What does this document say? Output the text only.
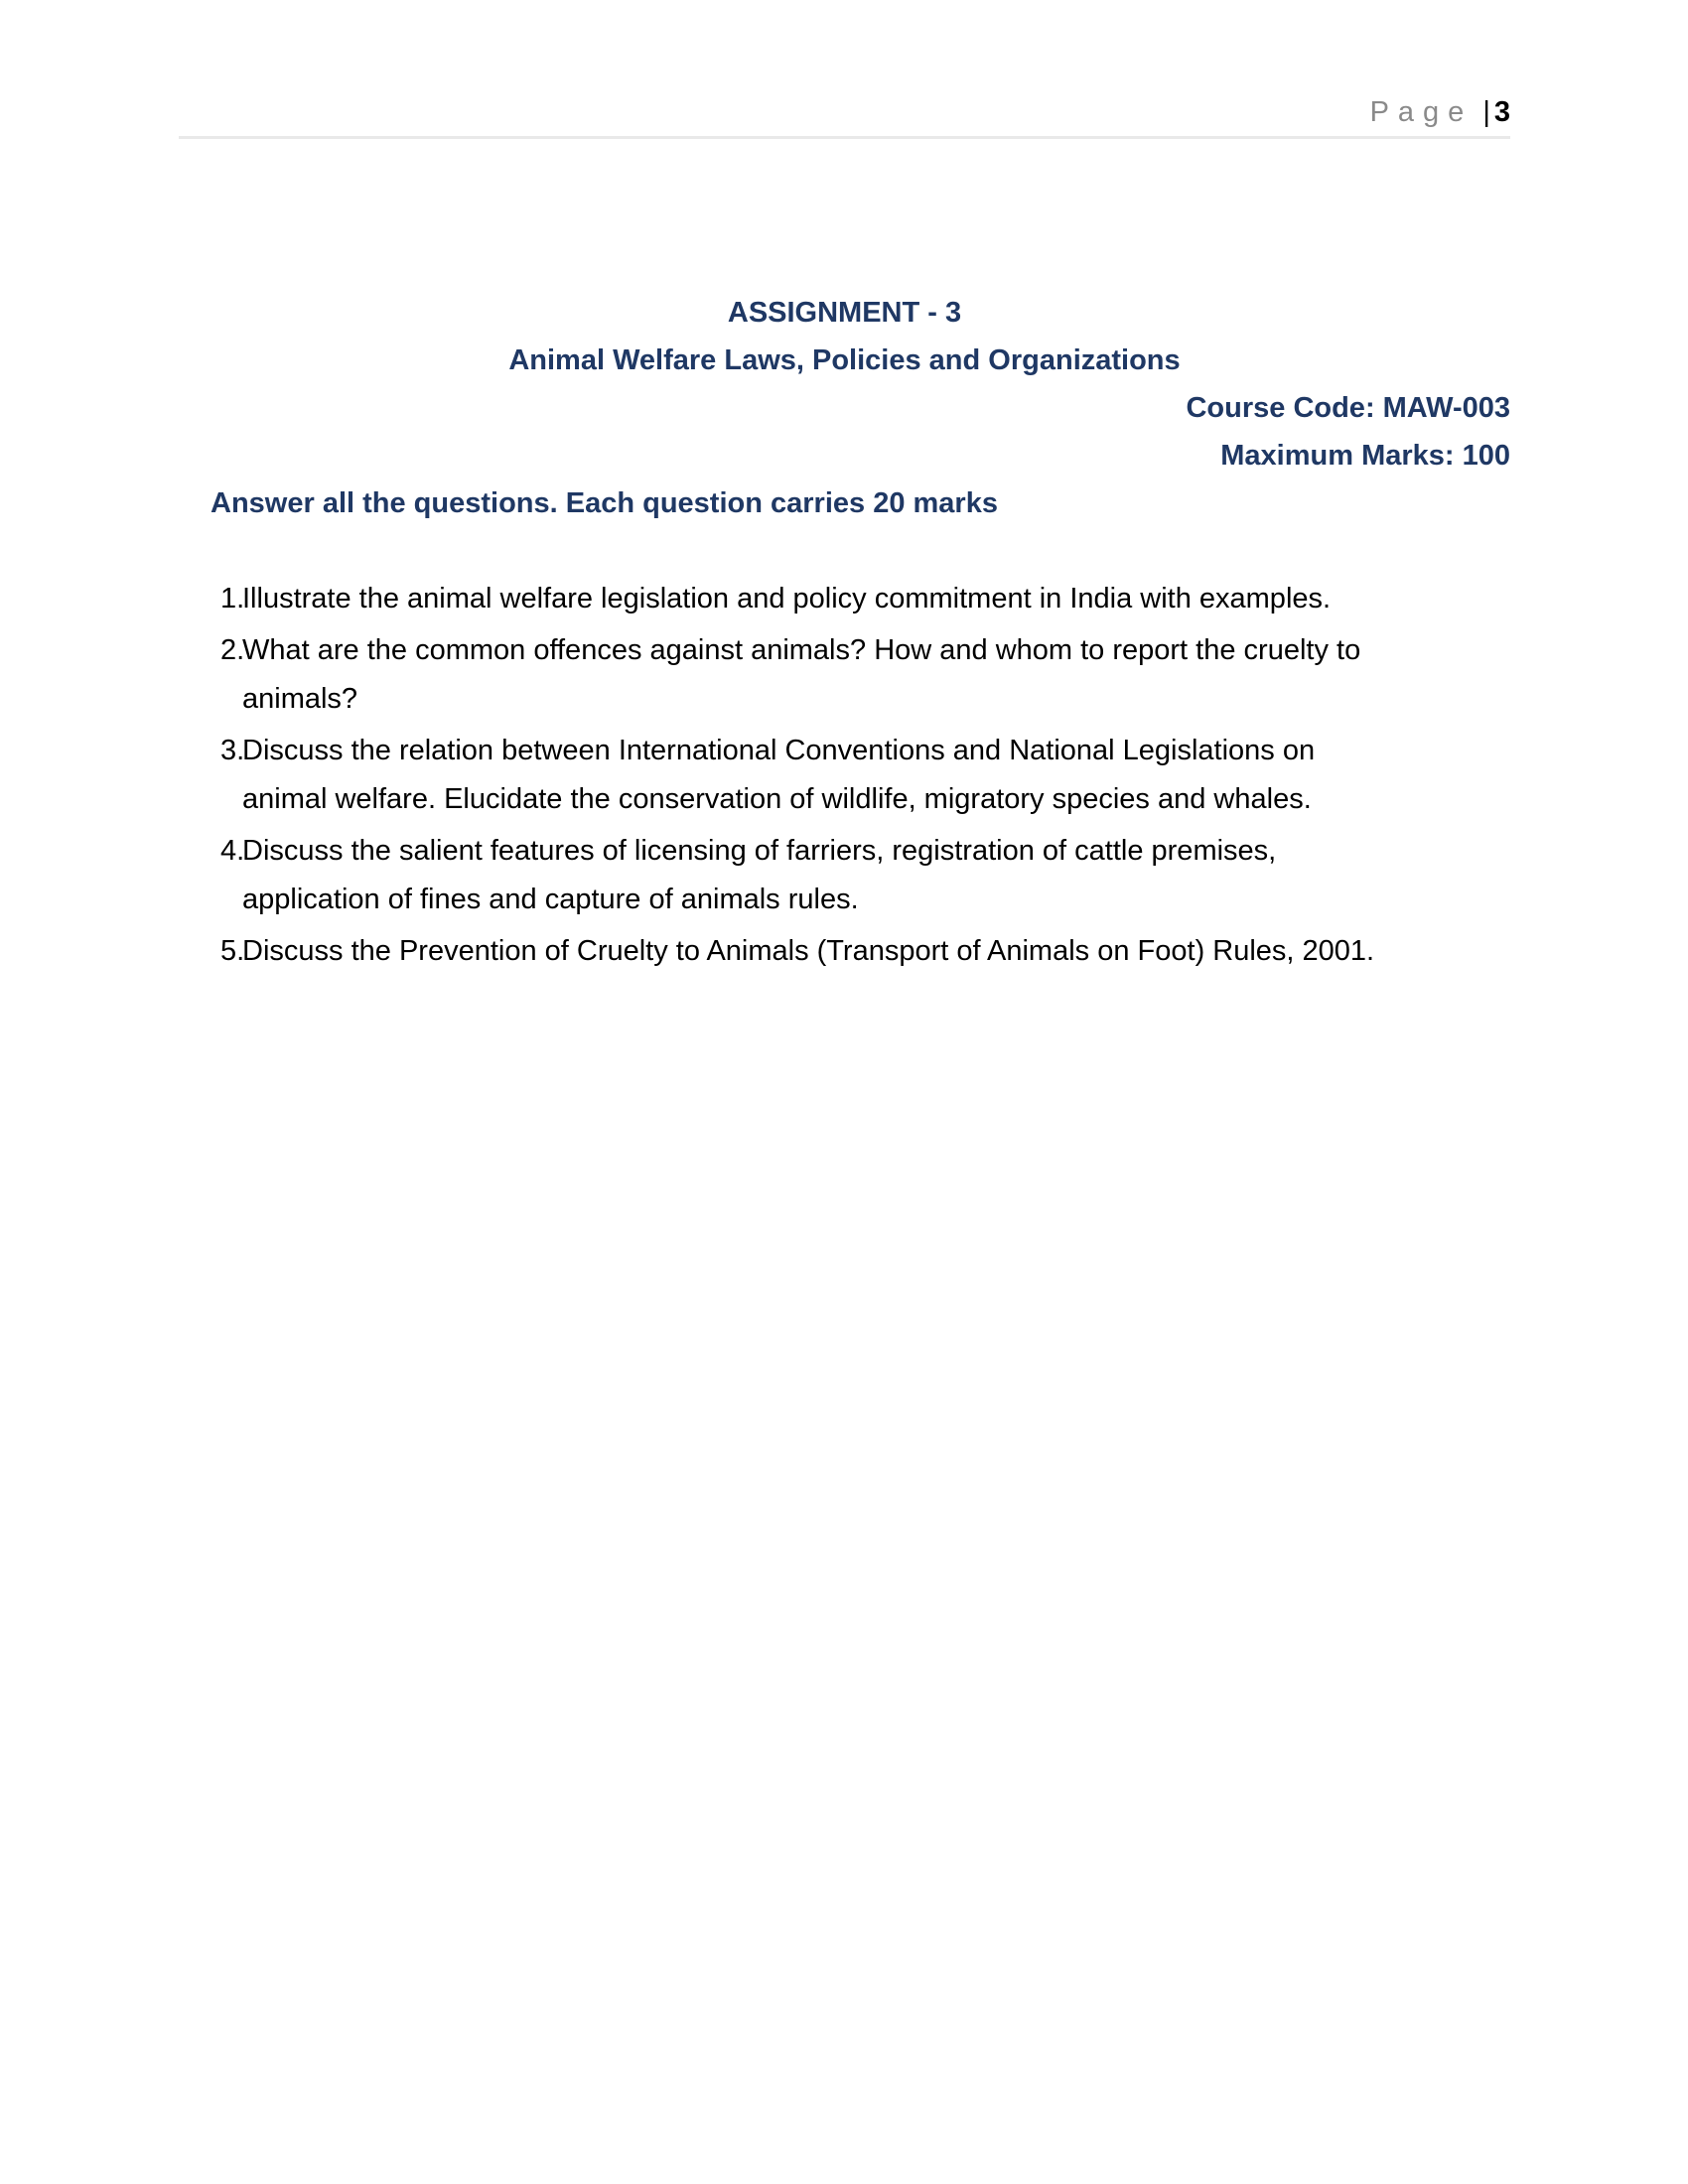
Page | 3
ASSIGNMENT - 3
Animal Welfare Laws, Policies and Organizations
Course Code: MAW-003
Maximum Marks: 100
Answer all the questions. Each question carries 20 marks
1.
Illustrate the animal welfare legislation and policy commitment in India with examples.
2.
What are the common offences against animals? How and whom to report the cruelty to
animals?
3.
Discuss the relation between International Conventions and National Legislations on
animal welfare. Elucidate the conservation of wildlife, migratory species and whales.
4.
Discuss the salient features of licensing of farriers, registration of cattle premises,
application of fines and capture of animals rules.
5.
Discuss the Prevention of Cruelty to Animals (Transport of Animals on Foot) Rules, 2001.
